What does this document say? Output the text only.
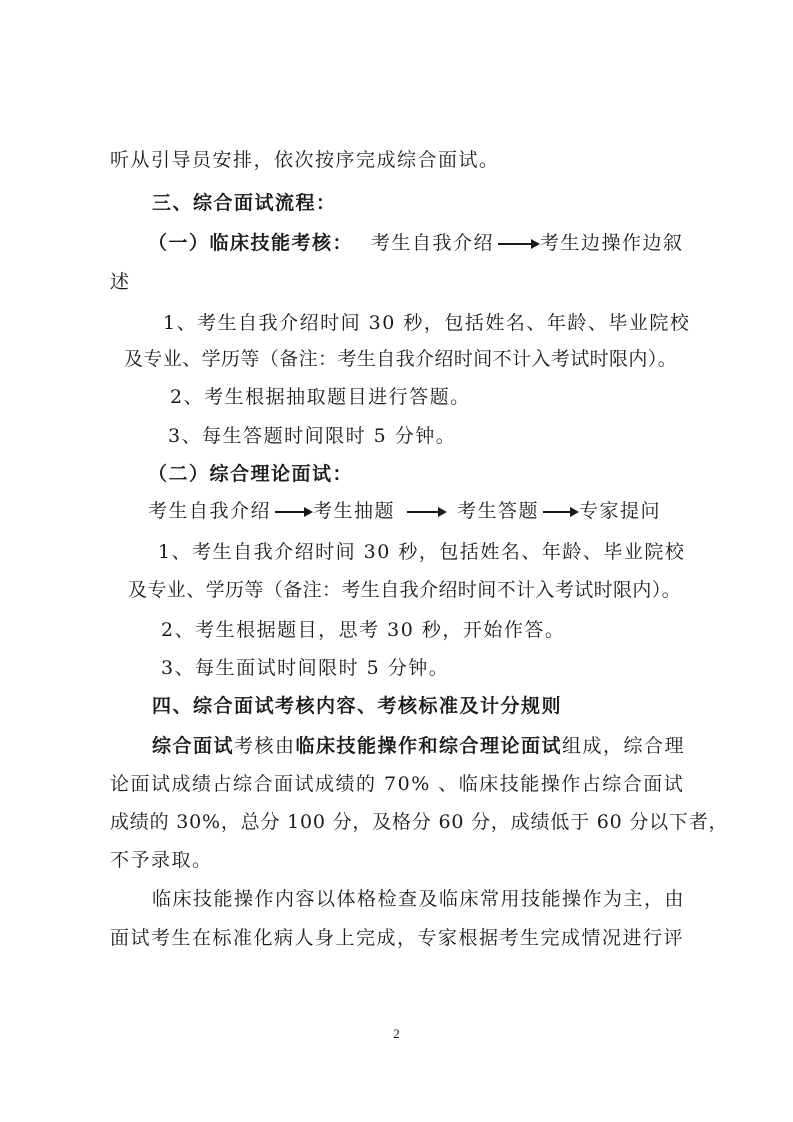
听从引导员安排，依次按序完成综合面试。
三、综合面试流程：
（一）临床技能考核： 考生自我介绍 考生边操作边叙
述
1、考生自我介绍时间 30 秒，包括姓名、年龄、毕业院校
及专业、学历等（备注：考生自我介绍时间不计入考试时限内）。
2、考生根据抽取题目进行答题。
3、每生答题时间限时 5 分钟。
（二）综合理论面试：
考生自我介绍 考生抽题	考生答题 专家提问
1、考生自我介绍时间 30 秒，包括姓名、年龄、毕业院校
及专业、学历等（备注：考生自我介绍时间不计入考试时限内）。
2、考生根据题目，思考 30 秒，开始作答。
3、每生面试时间限时 5 分钟。
四、综合面试考核内容、考核标准及计分规则
综合面试考核由临床技能操作和综合理论面试组成，综合理
论面试成绩占综合面试成绩的 70% 、临床技能操作占综合面试
成绩的 30%，总分 100 分，及格分 60 分，成绩低于 60 分以下者，
不予录取。
临床技能操作内容以体格检查及临床常用技能操作为主，由
面试考生在标准化病人身上完成，专家根据考生完成情况进行评
2
